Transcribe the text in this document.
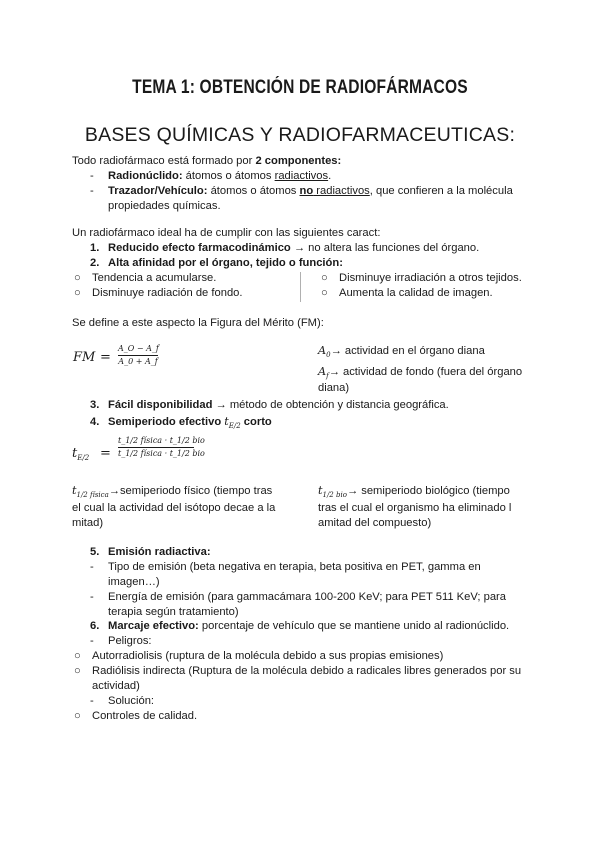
TEMA 1: OBTENCIÓN DE RADIOFÁRMACOS
BASES QUÍMICAS Y RADIOFARMACEUTICAS:
Todo radiofármaco está formado por 2 componentes:
- Radionúclido: átomos o átomos radiactivos.
- Trazador/Vehículo: átomos o átomos no radiactivos, que confieren a la molécula
propiedades químicas.
Un radiofármaco ideal ha de cumplir con las siguientes caract:
1. Reducido efecto farmacodinámico → no altera las funciones del órgano.
2. Alta afinidad por el órgano, tejido o función:
○ Tendencia a acumularse.
○ Disminuye radiación de fondo.
○ Disminuye irradiación a otros tejidos.
○ Aumenta la calidad de imagen.
Se define a este aspecto la Figura del Mérito (FM):
FM =
A_O − A_f
A_0 + A_f
$A_0\to$ actividad en el órgano diana
$A_f\to$ actividad de fondo (fuera del órgano
diana)
3. Fácil disponibilidad → método de obtención y distancia geográfica.
4. Semiperiodo efectivo $t_{E/2}$ corto
$t_{E/2}$ =
t_1/2 física · t_1/2 bio
t_1/2 física · t_1/2 bio
$t_{1/2 física}\to semiperiodo$ físico (tiempo tras
el cual la actividad del isótopo decae a la
mitad)
$t_{1/2 bio}\to$ semiperiodo biológico (tiempo
tras el cual el organismo ha eliminado l
amitad del compuesto)
5. Emisión radiactiva:
- Tipo de emisión (beta negativa en terapia, beta positiva en PET, gamma en
imagen…)
- Energía de emisión (para gammacámara 100-200 KeV; para PET 511 KeV; para
terapia según tratamiento)
6. Marcaje efectivo: porcentaje de vehículo que se mantiene unido al radionúclido.
- Peligros:
○ Autorradiolisis (ruptura de la molécula debido a sus propias emisiones)
○ Radiólisis indirecta (Ruptura de la molécula debido a radicales libres generados por su
actividad)
- Solución:
○ Controles de calidad.
